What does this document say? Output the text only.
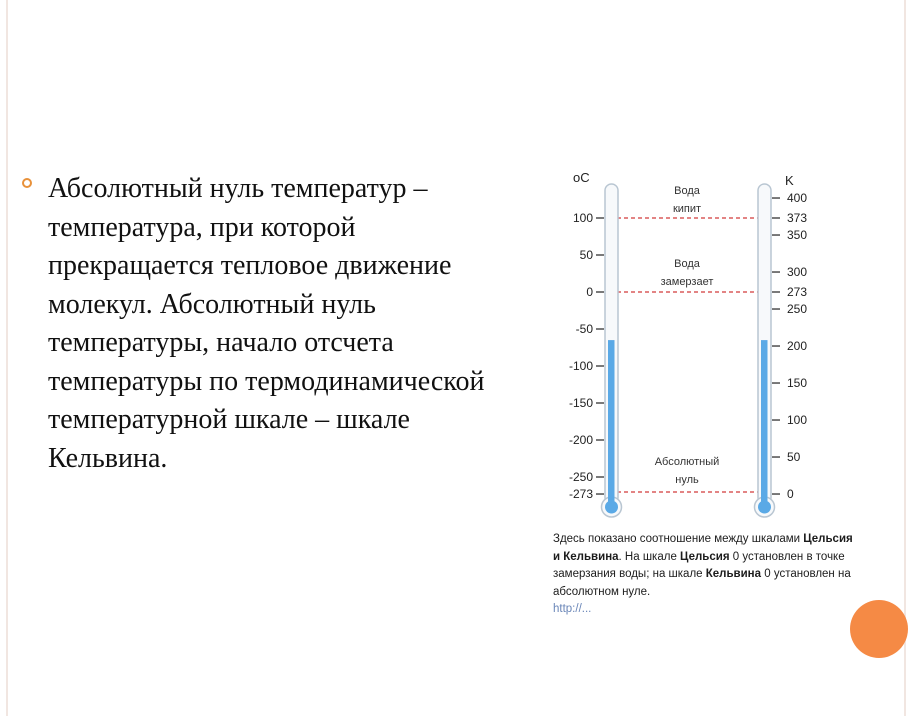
Абсолютный нуль температур – температура, при которой прекращается тепловое движение молекул. Абсолютный нуль температуры, начало отсчета температуры по термодинамической температурной шкале – шкале Кельвина.
oC	K
Вода
кипит
Вода
замерзает
Абсолютный
нуль
100
50
0
-50
-100
-150
-200
-250
-273
400
373
350
300
273
250
200
150
100
50
0
Здесь показано соотношение между шкалами Цельсия и Кельвина. На шкале Цельсия 0 установлен в точке замерзания воды; на шкале Кельвина 0 установлен на абсолютном нуле.
http://...
